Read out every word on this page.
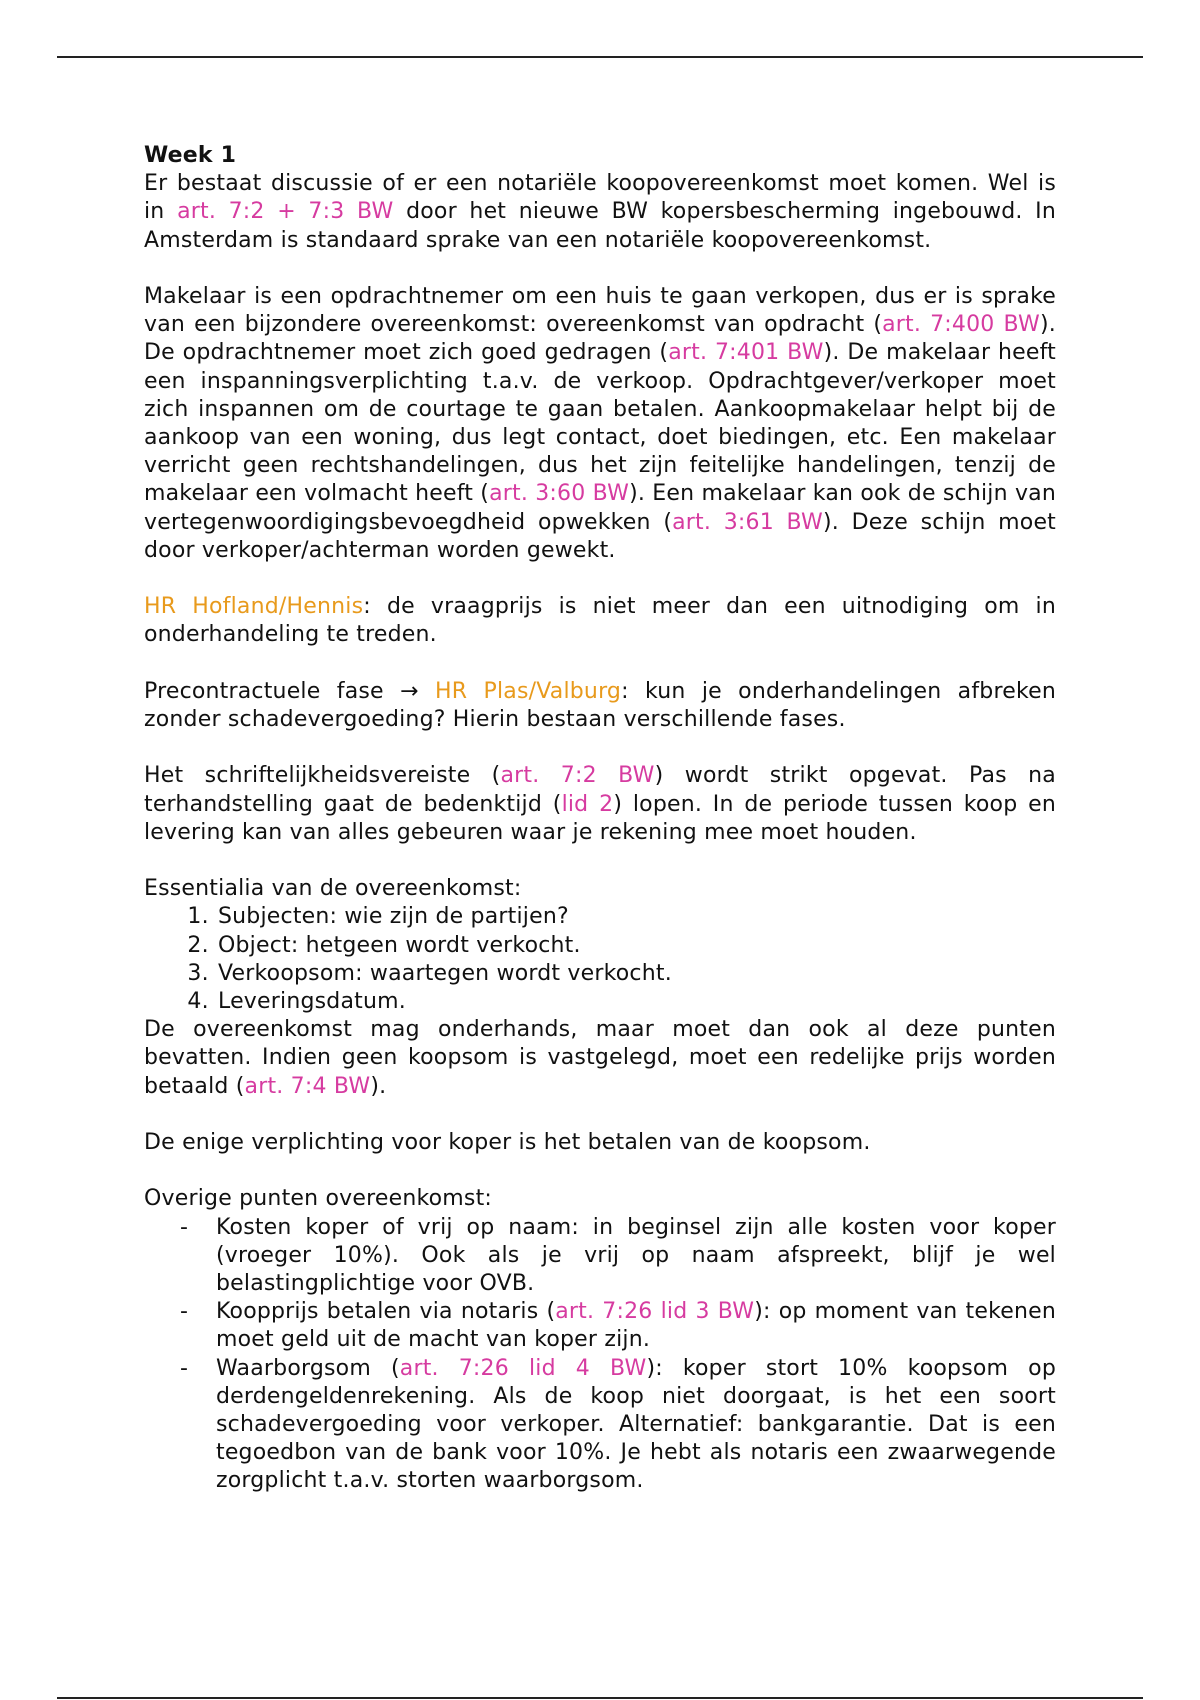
Week 1

Er bestaat discussie of er een notariële koopovereenkomst moet komen. Wel is in art. 7:2 + 7:3 BW door het nieuwe BW kopersbescherming ingebouwd. In Amsterdam is standaard sprake van een notariële koopovereenkomst.

Makelaar is een opdrachtnemer om een huis te gaan verkopen, dus er is sprake van een bijzondere overeenkomst: overeenkomst van opdracht (art. 7:400 BW). De opdrachtnemer moet zich goed gedragen (art. 7:401 BW). De makelaar heeft een inspanningsverplichting t.a.v. de verkoop. Opdrachtgever/verkoper moet zich inspannen om de courtage te gaan betalen. Aankoopmakelaar helpt bij de aankoop van een woning, dus legt contact, doet biedingen, etc. Een makelaar verricht geen rechtshandelingen, dus het zijn feitelijke handelingen, tenzij de makelaar een volmacht heeft (art. 3:60 BW). Een makelaar kan ook de schijn van vertegenwoordigingsbevoegdheid opwekken (art. 3:61 BW). Deze schijn moet door verkoper/achterman worden gewekt.

HR Hofland/Hennis: de vraagprijs is niet meer dan een uitnodiging om in onderhandeling te treden.

Precontractuele fase → HR Plas/Valburg: kun je onderhandelingen afbreken zonder schadevergoeding? Hierin bestaan verschillende fases.

Het schriftelijkheidsvereiste (art. 7:2 BW) wordt strikt opgevat. Pas na terhandstelling gaat de bedenktijd (lid 2) lopen. In de periode tussen koop en levering kan van alles gebeuren waar je rekening mee moet houden.

Essentialia van de overeenkomst:

1. Subjecten: wie zijn de partijen?
2. Object: hetgeen wordt verkocht.
3. Verkoopsom: waartegen wordt verkocht.
4. Leveringsdatum.

De overeenkomst mag onderhands, maar moet dan ook al deze punten bevatten. Indien geen koopsom is vastgelegd, moet een redelijke prijs worden betaald (art. 7:4 BW).

De enige verplichting voor koper is het betalen van de koopsom.

Overige punten overeenkomst:

- Kosten koper of vrij op naam: in beginsel zijn alle kosten voor koper (vroeger 10%). Ook als je vrij op naam afspreekt, blijf je wel belastingplichtige voor OVB.
- Koopprijs betalen via notaris (art. 7:26 lid 3 BW): op moment van tekenen moet geld uit de macht van koper zijn.
- Waarborgsom (art. 7:26 lid 4 BW): koper stort 10% koopsom op derdengeldenrekening. Als de koop niet doorgaat, is het een soort schadevergoeding voor verkoper. Alternatief: bankgarantie. Dat is een tegoedbon van de bank voor 10%. Je hebt als notaris een zwaarwegende zorgplicht t.a.v. storten waarborgsom.
